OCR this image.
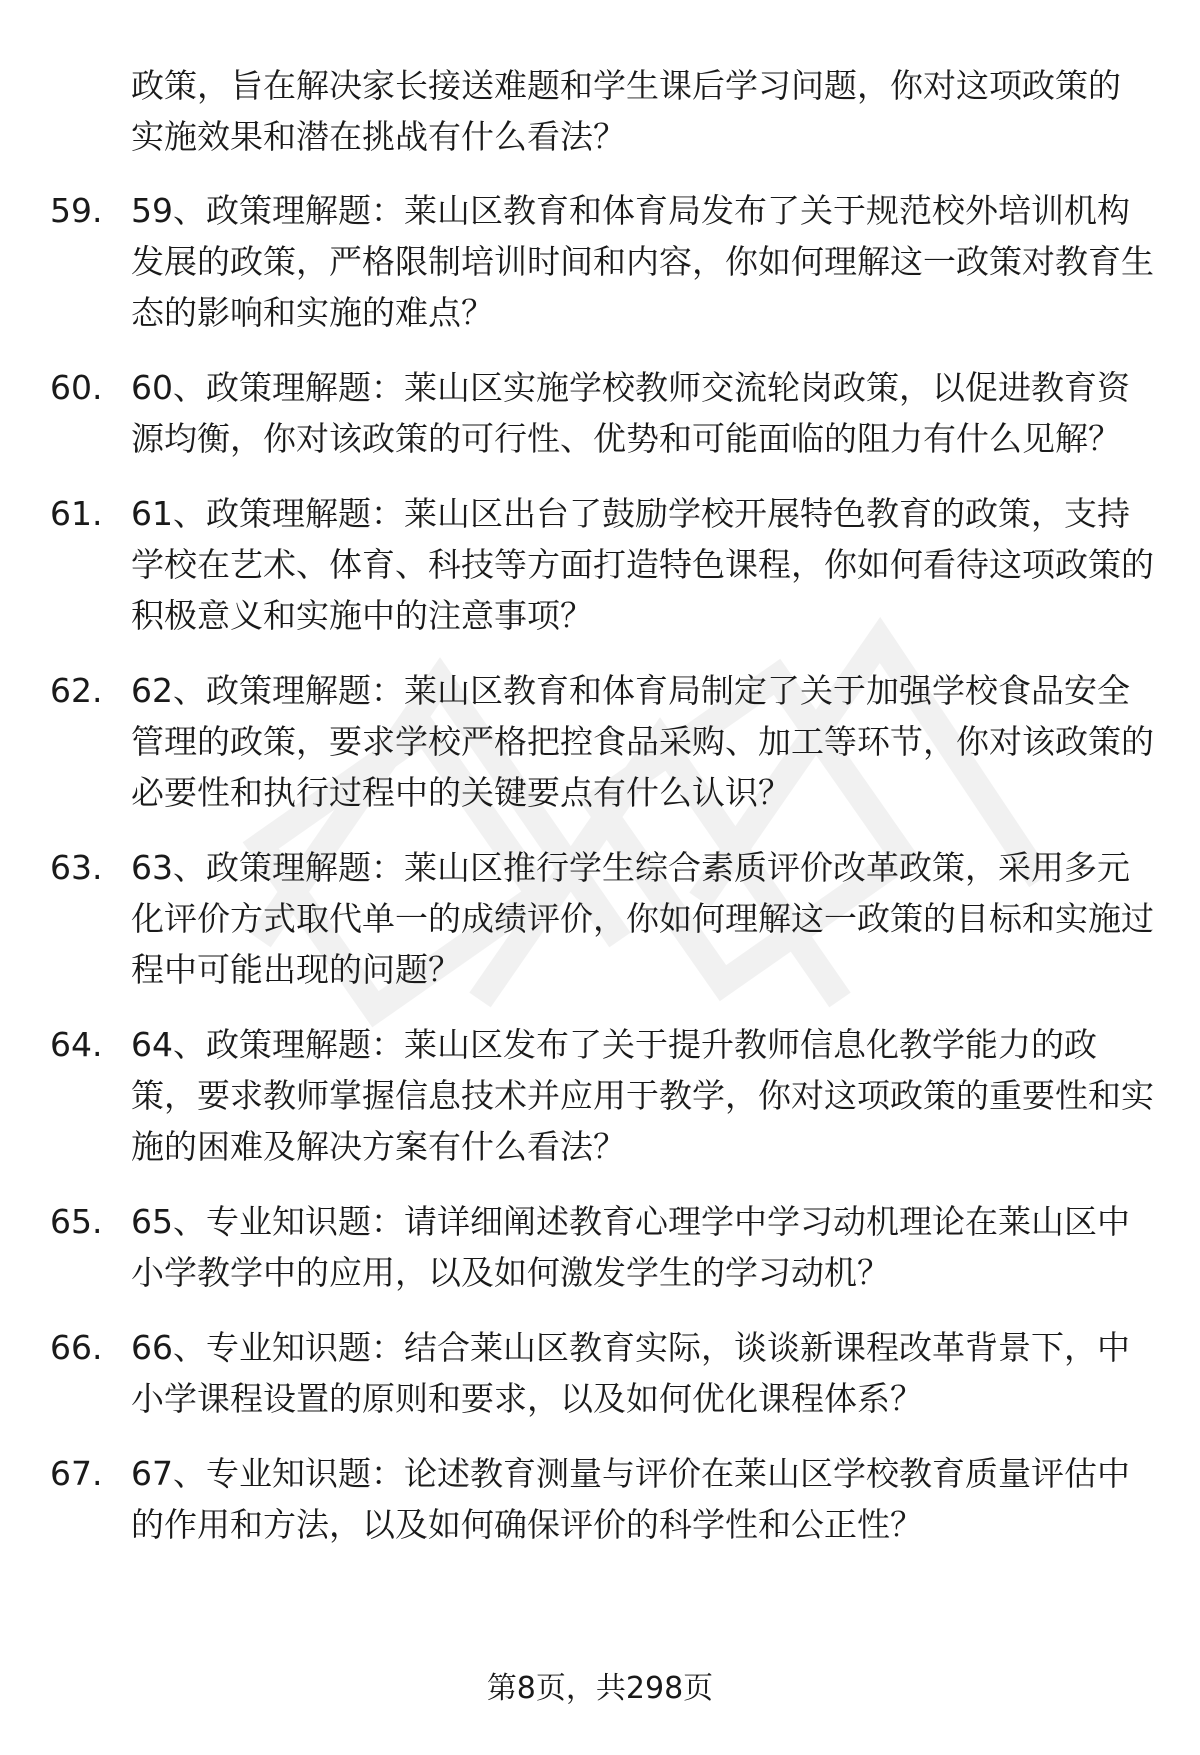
政策，旨在解决家长接送难题和学生课后学习问题，你对这项政策的实施效果和潜在挑战有什么看法？
59. 59、政策理解题：莱山区教育和体育局发布了关于规范校外培训机构发展的政策，严格限制培训时间和内容，你如何理解这一政策对教育生态的影响和实施的难点？
60. 60、政策理解题：莱山区实施学校教师交流轮岗政策，以促进教育资源均衡，你对该政策的可行性、优势和可能面临的阻力有什么见解？
61. 61、政策理解题：莱山区出台了鼓励学校开展特色教育的政策，支持学校在艺术、体育、科技等方面打造特色课程，你如何看待这项政策的积极意义和实施中的注意事项？
62. 62、政策理解题：莱山区教育和体育局制定了关于加强学校食品安全管理的政策，要求学校严格把控食品采购、加工等环节，你对该政策的必要性和执行过程中的关键要点有什么认识？
63. 63、政策理解题：莱山区推行学生综合素质评价改革政策，采用多元化评价方式取代单一的成绩评价，你如何理解这一政策的目标和实施过程中可能出现的问题？
64. 64、政策理解题：莱山区发布了关于提升教师信息化教学能力的政策，要求教师掌握信息技术并应用于教学，你对这项政策的重要性和实施的困难及解决方案有什么看法？
65. 65、专业知识题：请详细阐述教育心理学中学习动机理论在莱山区中小学教学中的应用，以及如何激发学生的学习动机？
66. 66、专业知识题：结合莱山区教育实际，谈谈新课程改革背景下，中小学课程设置的原则和要求，以及如何优化课程体系？
67. 67、专业知识题：论述教育测量与评价在莱山区学校教育质量评估中的作用和方法，以及如何确保评价的科学性和公正性？
第8页，共298页
